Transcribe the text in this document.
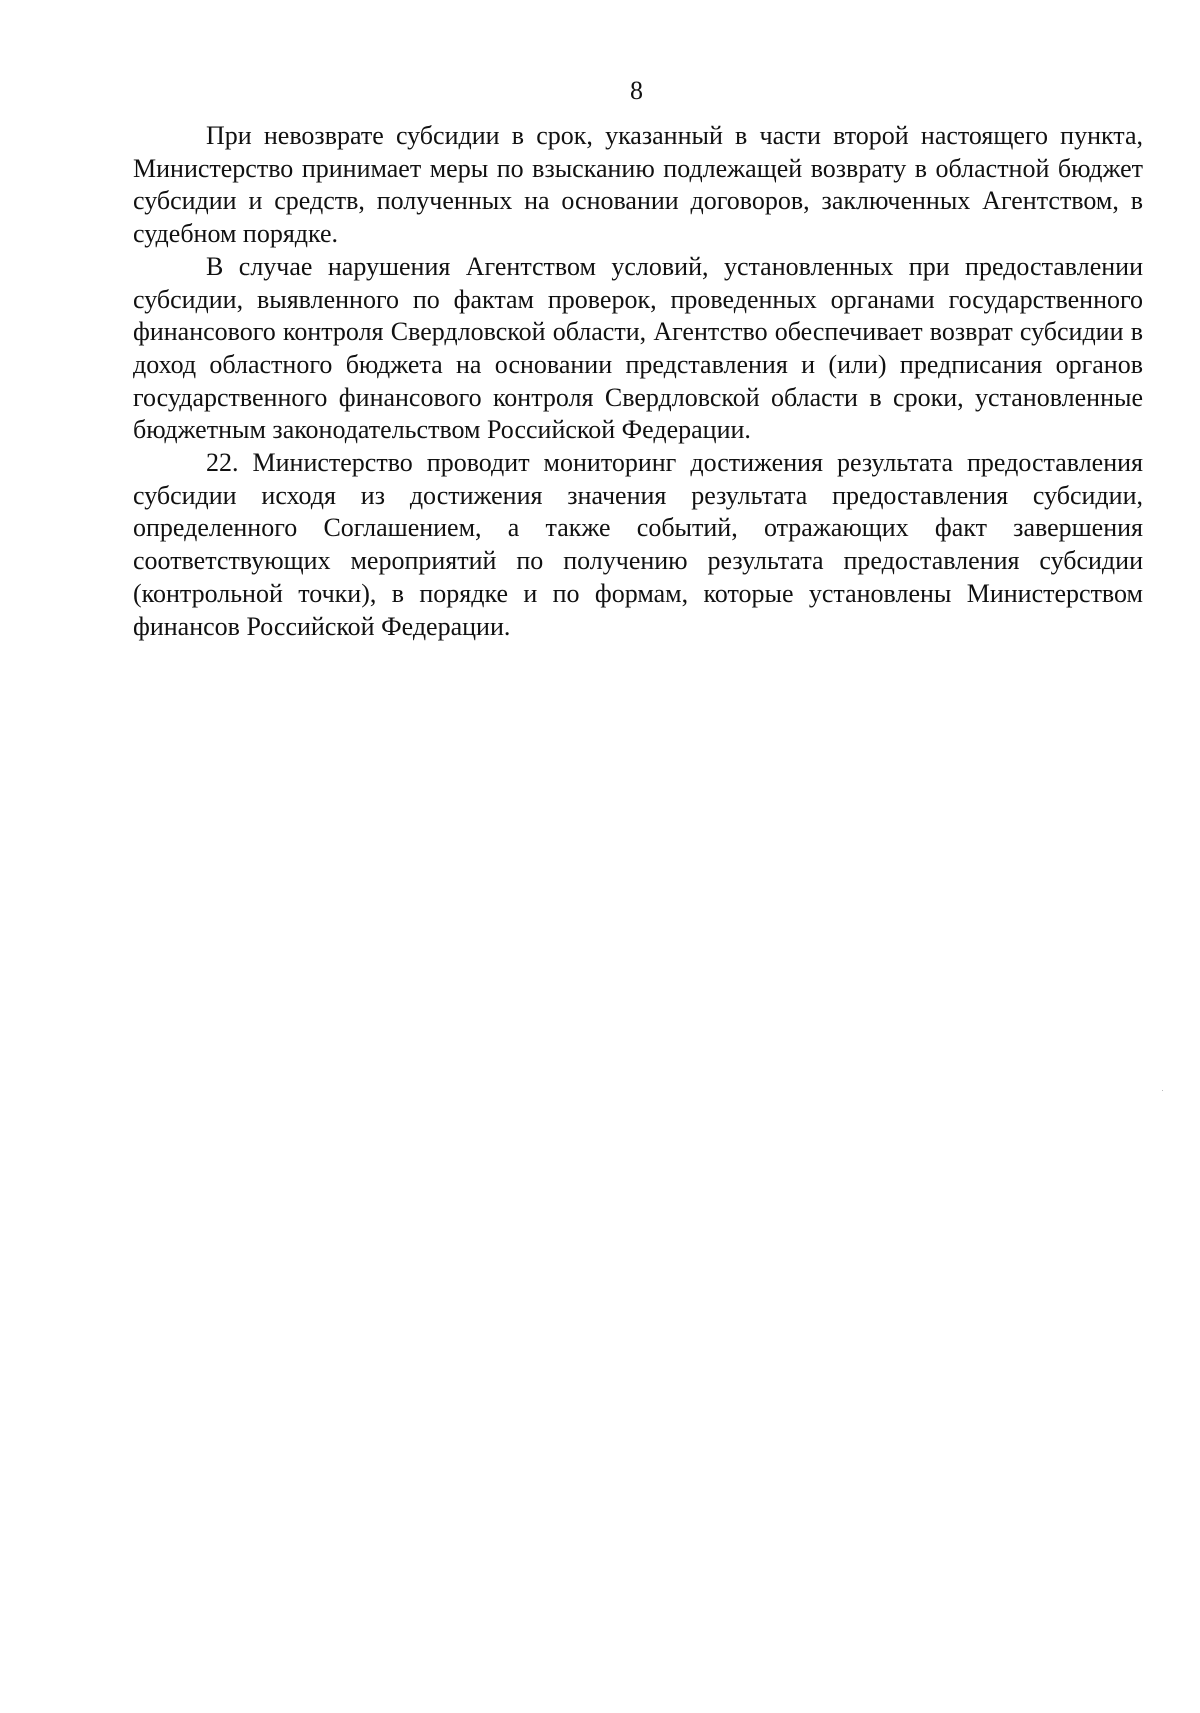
8

При невозврате субсидии в срок, указанный в части второй настоящего пункта, Министерство принимает меры по взысканию подлежащей возврату в областной бюджет субсидии и средств, полученных на основании договоров, заключенных Агентством, в судебном порядке.

В случае нарушения Агентством условий, установленных при предоставлении субсидии, выявленного по фактам проверок, проведенных органами государственного финансового контроля Свердловской области, Агентство обеспечивает возврат субсидии в доход областного бюджета на основании представления и (или) предписания органов государственного финансового контроля Свердловской области в сроки, установленные бюджетным законодательством Российской Федерации.

22. Министерство проводит мониторинг достижения результата предоставления субсидии исходя из достижения значения результата предоставления субсидии, определенного Соглашением, а также событий, отражающих факт завершения соответствующих мероприятий по получению результата предоставления субсидии (контрольной точки), в порядке и по формам, которые установлены Министерством финансов Российской Федерации.
